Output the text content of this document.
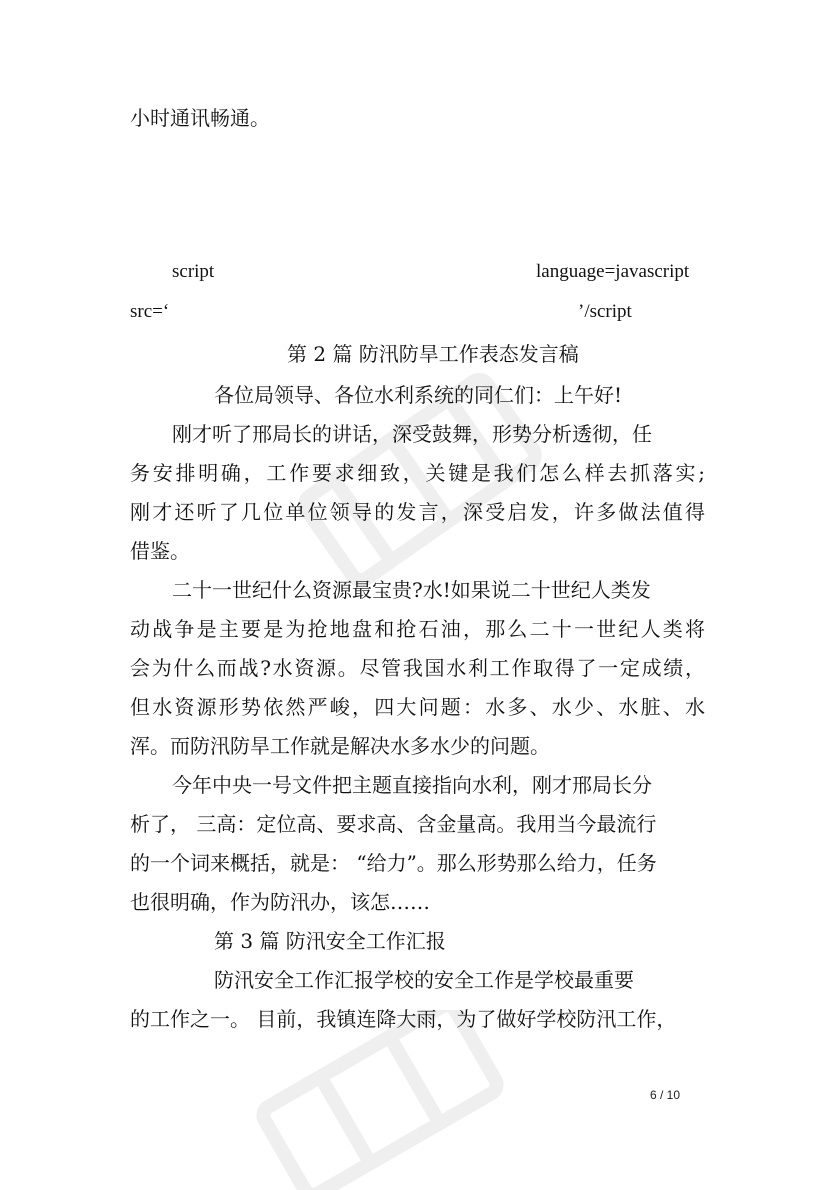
小时通讯畅通。
script	language=javascript
src=‘	’/script
第 2 篇 防汛防旱工作表态发言稿
各位局领导、各位水利系统的同仁们：上午好!
刚才听了邢局长的讲话，深受鼓舞，形势分析透彻，任
务安排明确，工作要求细致，关键是我们怎么样去抓落实;
刚才还听了几位单位领导的发言，深受启发，许多做法值得
借鉴。
二十一世纪什么资源最宝贵?水!如果说二十世纪人类发
动战争是主要是为抢地盘和抢石油，那么二十一世纪人类将
会为什么而战?水资源。尽管我国水利工作取得了一定成绩，
但水资源形势依然严峻，四大问题：水多、水少、水脏、水
浑。而防汛防旱工作就是解决水多水少的问题。
今年中央一号文件把主题直接指向水利，刚才邢局长分
析了， 三高：定位高、要求高、含金量高。我用当今最流行
的一个词来概括，就是： “给力”。那么形势那么给力，任务
也很明确，作为防汛办，该怎……
第 3 篇 防汛安全工作汇报
防汛安全工作汇报学校的安全工作是学校最重要
的工作之一。 目前，我镇连降大雨，为了做好学校防汛工作，
6 / 10
